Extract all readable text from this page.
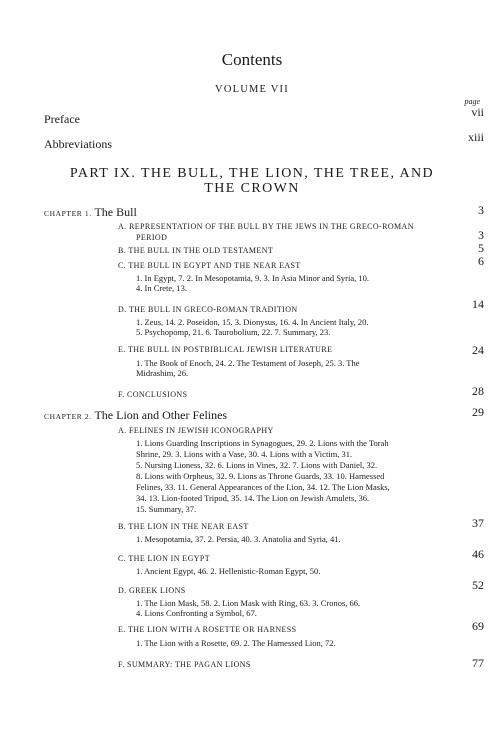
Contents
VOLUME VII
page
Preface	vii
Abbreviations	xiii
PART IX. THE BULL, THE LION, THE TREE, AND
THE CROWN
CHAPTER 1. The Bull	3
A. REPRESENTATION OF THE BULL BY THE JEWS IN THE GRECO-ROMAN
PERIOD	3
B. THE BULL IN THE OLD TESTAMENT	5
C. THE BULL IN EGYPT AND THE NEAR EAST	6
1. In Egypt, 7. 2. In Mesopotamia, 9. 3. In Asia Minor and Syria, 10.
4. In Crete, 13.
D. THE BULL IN GRECO-ROMAN TRADITION	14
1. Zeus, 14. 2. Poseidon, 15. 3. Dionysus, 16. 4. In Ancient Italy, 20.
5. Psychopomp, 21. 6. Taurobolium, 22. 7. Summary, 23.
E. THE BULL IN POSTBIBLICAL JEWISH LITERATURE	24
1. The Book of Enoch, 24. 2. The Testament of Joseph, 25. 3. The
Midrashim, 26.
F. CONCLUSIONS	28
CHAPTER 2. The Lion and Other Felines	29
A. FELINES IN JEWISH ICONOGRAPHY
1. Lions Guarding Inscriptions in Synagogues, 29. 2. Lions with the Torah
Shrine, 29. 3. Lions with a Vase, 30. 4. Lions with a Victim, 31.
5. Nursing Lioness, 32. 6. Lions in Vines, 32. 7. Lions with Daniel, 32.
8. Lions with Orpheus, 32. 9. Lions as Throne Guards, 33. 10. Harnessed
Felines, 33. 11. General Appearances of the Lion, 34. 12. The Lion Masks,
34. 13. Lion-footed Tripod, 35. 14. The Lion on Jewish Amulets, 36.
15. Summary, 37.
B. THE LION IN THE NEAR EAST	37
1. Mesopotamia, 37. 2. Persia, 40. 3. Anatolia and Syria, 41.
C. THE LION IN EGYPT	46
1. Ancient Egypt, 46. 2. Hellenistic-Roman Egypt, 50.
D. GREEK LIONS	52
1. The Lion Mask, 58. 2. Lion Mask with Ring, 63. 3. Cronos, 66.
4. Lions Confronting a Symbol, 67.
E. THE LION WITH A ROSETTE OR HARNESS	69
1. The Lion with a Rosette, 69. 2. The Harnessed Lion, 72.
F. SUMMARY: THE PAGAN LIONS	77
